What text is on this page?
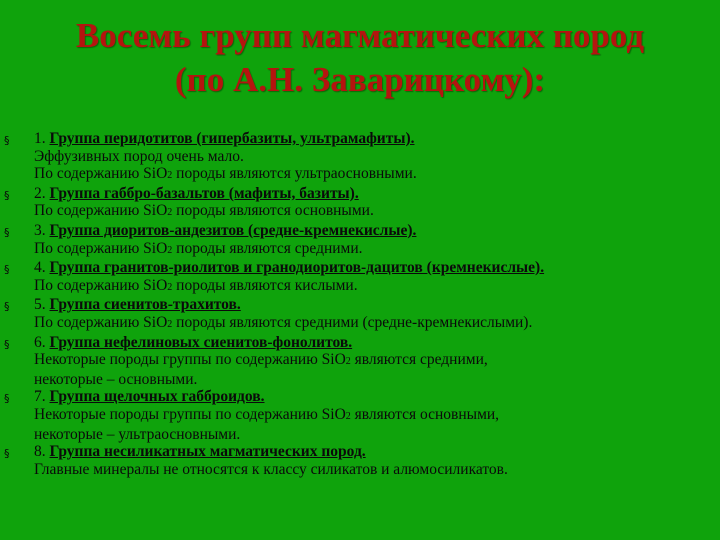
Восемь групп магматических пород
(по А.Н. Заварицкому):
§ 1. Группа перидотитов (гипербазиты, ультрамафиты).
Эффузивных пород очень мало.
По содержанию SiO2 породы являются ультраосновными.
§ 2. Группа габбро-базальтов (мафиты, базиты).
По содержанию SiO2 породы являются основными.
§ 3. Группа диоритов-андезитов (средне-кремнекислые).
По содержанию SiO2 породы являются средними.
§ 4. Группа гранитов-риолитов и гранодиоритов-дацитов (кремнекислые).
По содержанию SiO2 породы являются кислыми.
§ 5. Группа сиенитов-трахитов.
По содержанию SiO2 породы являются средними (средне-кремнекислыми).
§ 6. Группа нефелиновых сиенитов-фонолитов.
Некоторые породы группы по содержанию SiO2 являются средними,
некоторые – основными.
§ 7. Группа щелочных габброидов.
Некоторые породы группы по содержанию SiO2 являются основными,
некоторые – ультраосновными.
§ 8. Группа несиликатных магматических пород.
Главные минералы не относятся к классу силикатов и алюмосиликатов.
